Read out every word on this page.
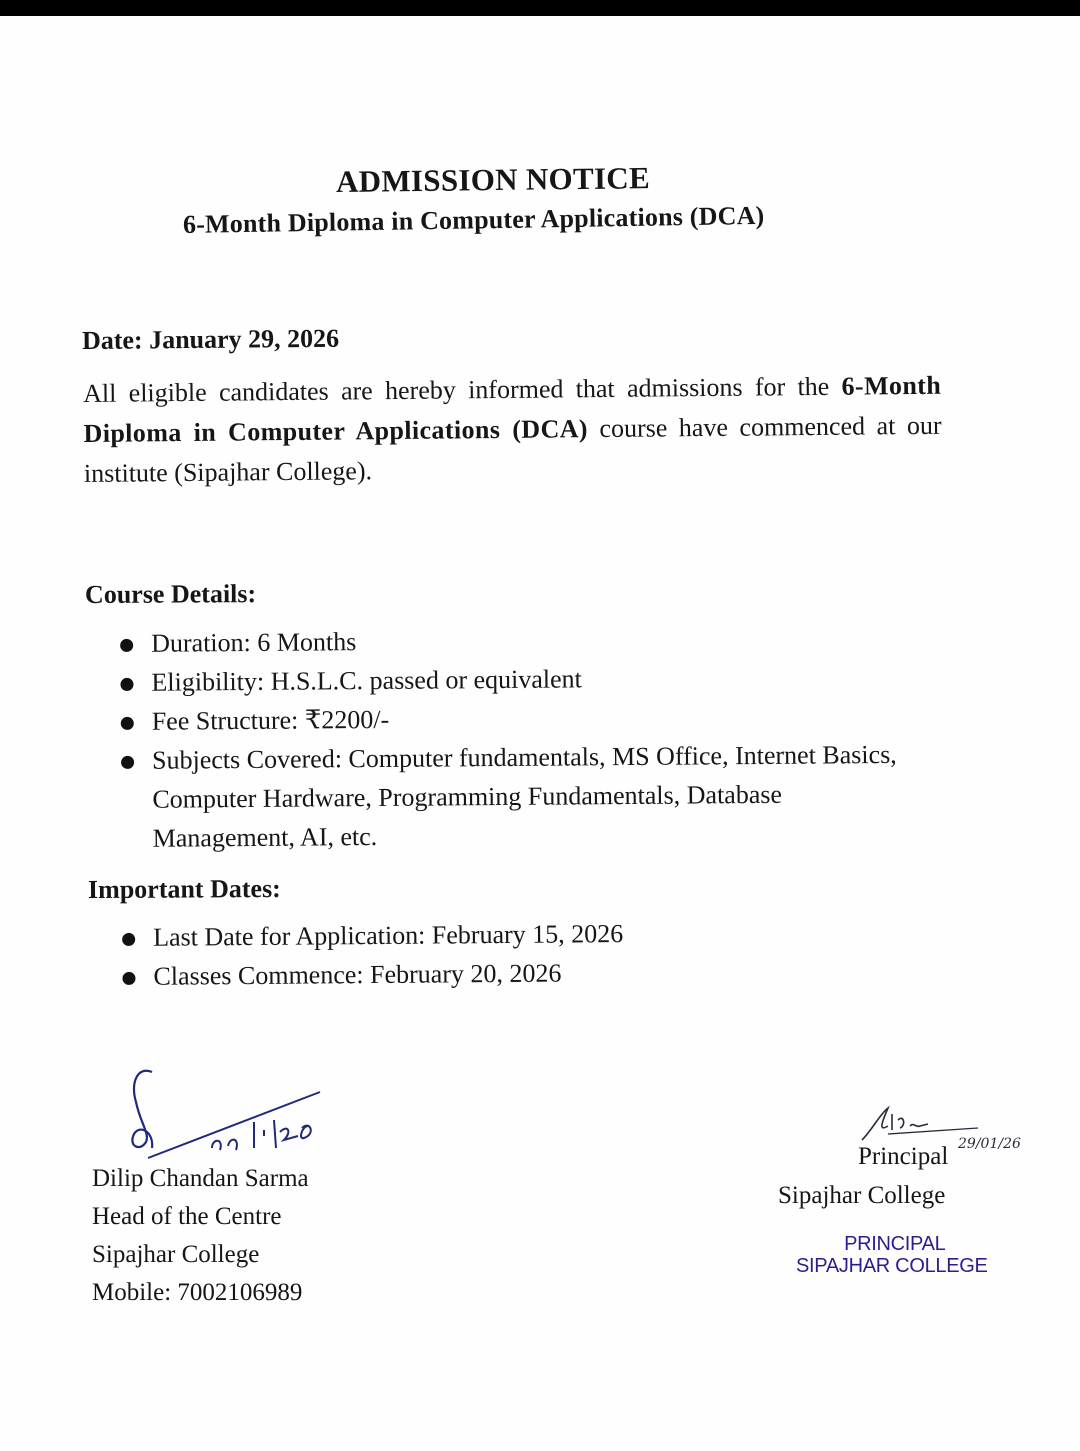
ADMISSION NOTICE
6-Month Diploma in Computer Applications (DCA)
Date: January 29, 2026

All eligible candidates are hereby informed that admissions for the 6-Month Diploma in Computer Applications (DCA) course have commenced at our institute (Sipajhar College).

Course Details:
Duration: 6 Months
Eligibility: H.S.L.C. passed or equivalent
Fee Structure: ₹2200/-
Subjects Covered: Computer fundamentals, MS Office, Internet Basics, Computer Hardware, Programming Fundamentals, Database Management, AI, etc.
Important Dates:
Last Date for Application: February 15, 2026
Classes Commence: February 20, 2026
Dilip Chandan Sarma
Head of the Centre
Sipajhar College
Mobile: 7002106989
29/01/26
Principal
Sipajhar College
PRINCIPAL
SIPAJHAR COLLEGE
